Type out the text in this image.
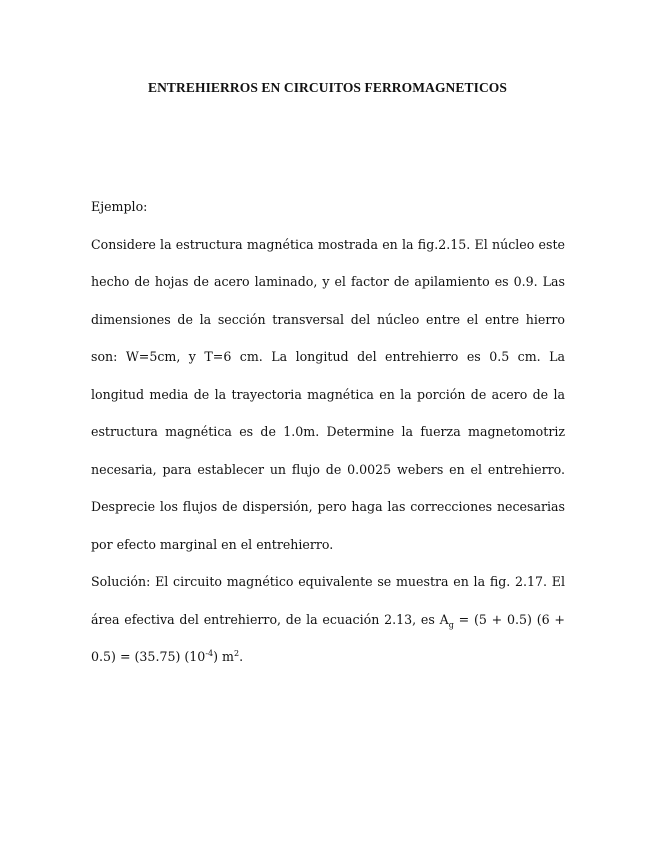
ENTREHIERROS EN CIRCUITOS FERROMAGNETICOS

Ejemplo:

Considere la estructura magnética mostrada en la fig.2.15. El núcleo este hecho de hojas de acero laminado, y el factor de apilamiento es 0.9. Las dimensiones de la sección transversal del núcleo entre el entre hierro son: W=5cm, y T=6 cm. La longitud del entrehierro es 0.5 cm. La longitud media de la trayectoria magnética en la porción de acero de la estructura magnética es de 1.0m. Determine la fuerza magnetomotriz necesaria, para establecer un flujo de 0.0025 webers en el entrehierro. Desprecie los flujos de dispersión, pero haga las correcciones necesarias por efecto marginal en el entrehierro.

Solución: El circuito magnético equivalente se muestra en la fig. 2.17. El área efectiva del entrehierro, de la ecuación 2.13, es $A_g = (5 + 0.5) (6 + 0.5) = (35.75)$ $(10^{-4})$ $m^2$.
